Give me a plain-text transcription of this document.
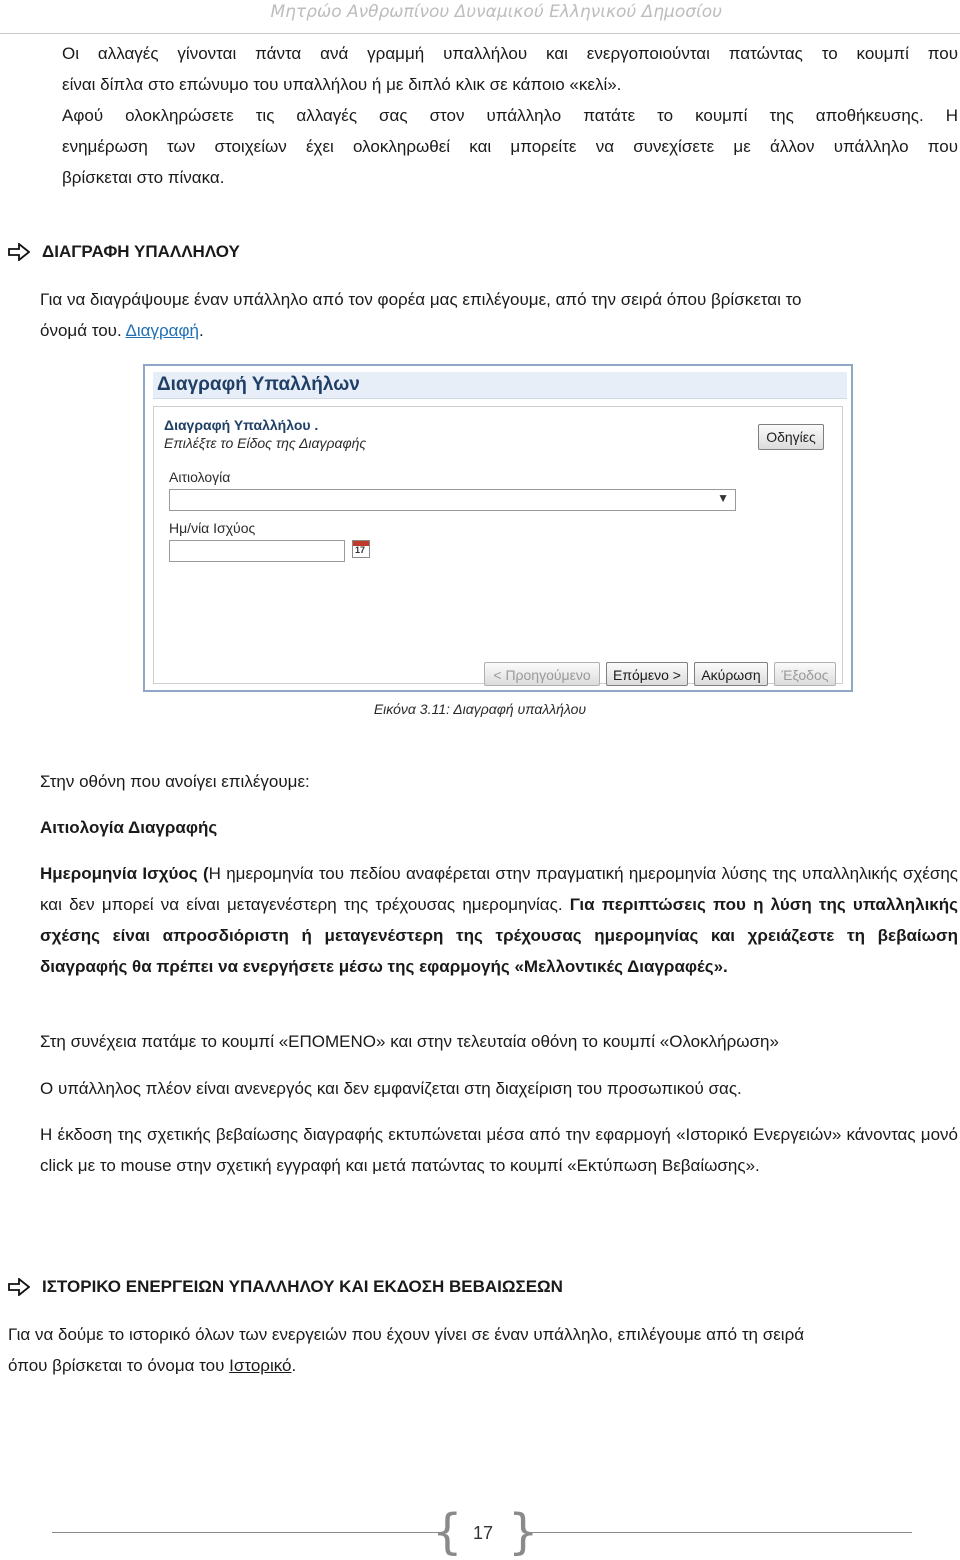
Μητρώο Ανθρωπίνου Δυναμικού Ελληνικού Δημοσίου
Οι αλλαγές γίνονται πάντα ανά γραμμή υπαλλήλου και ενεργοποιούνται πατώντας το κουμπί που
είναι δίπλα στο επώνυμο του υπαλλήλου ή με διπλό κλικ σε κάποιο «κελί».
Αφού ολοκληρώσετε τις αλλαγές σας στον υπάλληλο πατάτε το κουμπί της αποθήκευσης. Η
ενημέρωση των στοιχείων έχει ολοκληρωθεί και μπορείτε να συνεχίσετε με άλλον υπάλληλο που
βρίσκεται στο πίνακα.
ΔΙΑΓΡΑΦΗ ΥΠΑΛΛΗΛΟΥ
Για να διαγράψουμε έναν υπάλληλο από τον φορέα μας επιλέγουμε, από την σειρά όπου βρίσκεται το
όνομά του. Διαγραφή.
Διαγραφή Υπαλλήλων
Διαγραφή Υπαλλήλου .
Επιλέξτε το Είδος της Διαγραφής	Οδηγίες
Αιτιολογία
▼
Ημ/νία Ισχύος
17
< Προηγούμενο	Επόμενο >	Ακύρωση	Έξοδος
Εικόνα 3.11: Διαγραφή υπαλλήλου
Στην οθόνη που ανοίγει επιλέγουμε:
Αιτιολογία Διαγραφής
Ημερομηνία Ισχύος (Η ημερομηνία του πεδίου αναφέρεται στην πραγματική ημερομηνία λύσης της υπαλληλικής σχέσης και δεν μπορεί να είναι μεταγενέστερη της τρέχουσας ημερομηνίας. Για περιπτώσεις που η λύση της υπαλληλικής σχέσης είναι απροσδιόριστη ή μεταγενέστερη της τρέχουσας ημερομηνίας και χρειάζεστε τη βεβαίωση διαγραφής θα πρέπει να ενεργήσετε μέσω της εφαρμογής «Μελλοντικές Διαγραφές».
Στη συνέχεια πατάμε το κουμπί «ΕΠΟΜΕΝΟ» και στην τελευταία οθόνη το κουμπί «Ολοκλήρωση»
Ο υπάλληλος πλέον είναι ανενεργός και δεν εμφανίζεται στη διαχείριση του προσωπικού σας.
Η έκδοση της σχετικής βεβαίωσης διαγραφής εκτυπώνεται μέσα από την εφαρμογή «Ιστορικό Ενεργειών» κάνοντας μονό click με το mouse στην σχετική εγγραφή και μετά πατώντας το κουμπί «Εκτύπωση Βεβαίωσης».
ΙΣΤΟΡΙΚΟ ΕΝΕΡΓΕΙΩΝ ΥΠΑΛΛΗΛΟΥ ΚΑΙ ΕΚΔΟΣΗ ΒΕΒΑΙΩΣΕΩΝ
Για να δούμε το ιστορικό όλων των ενεργειών που έχουν γίνει σε έναν υπάλληλο, επιλέγουμε από τη σειρά
όπου βρίσκεται το όνομα του Ιστορικό.
{ }
17
